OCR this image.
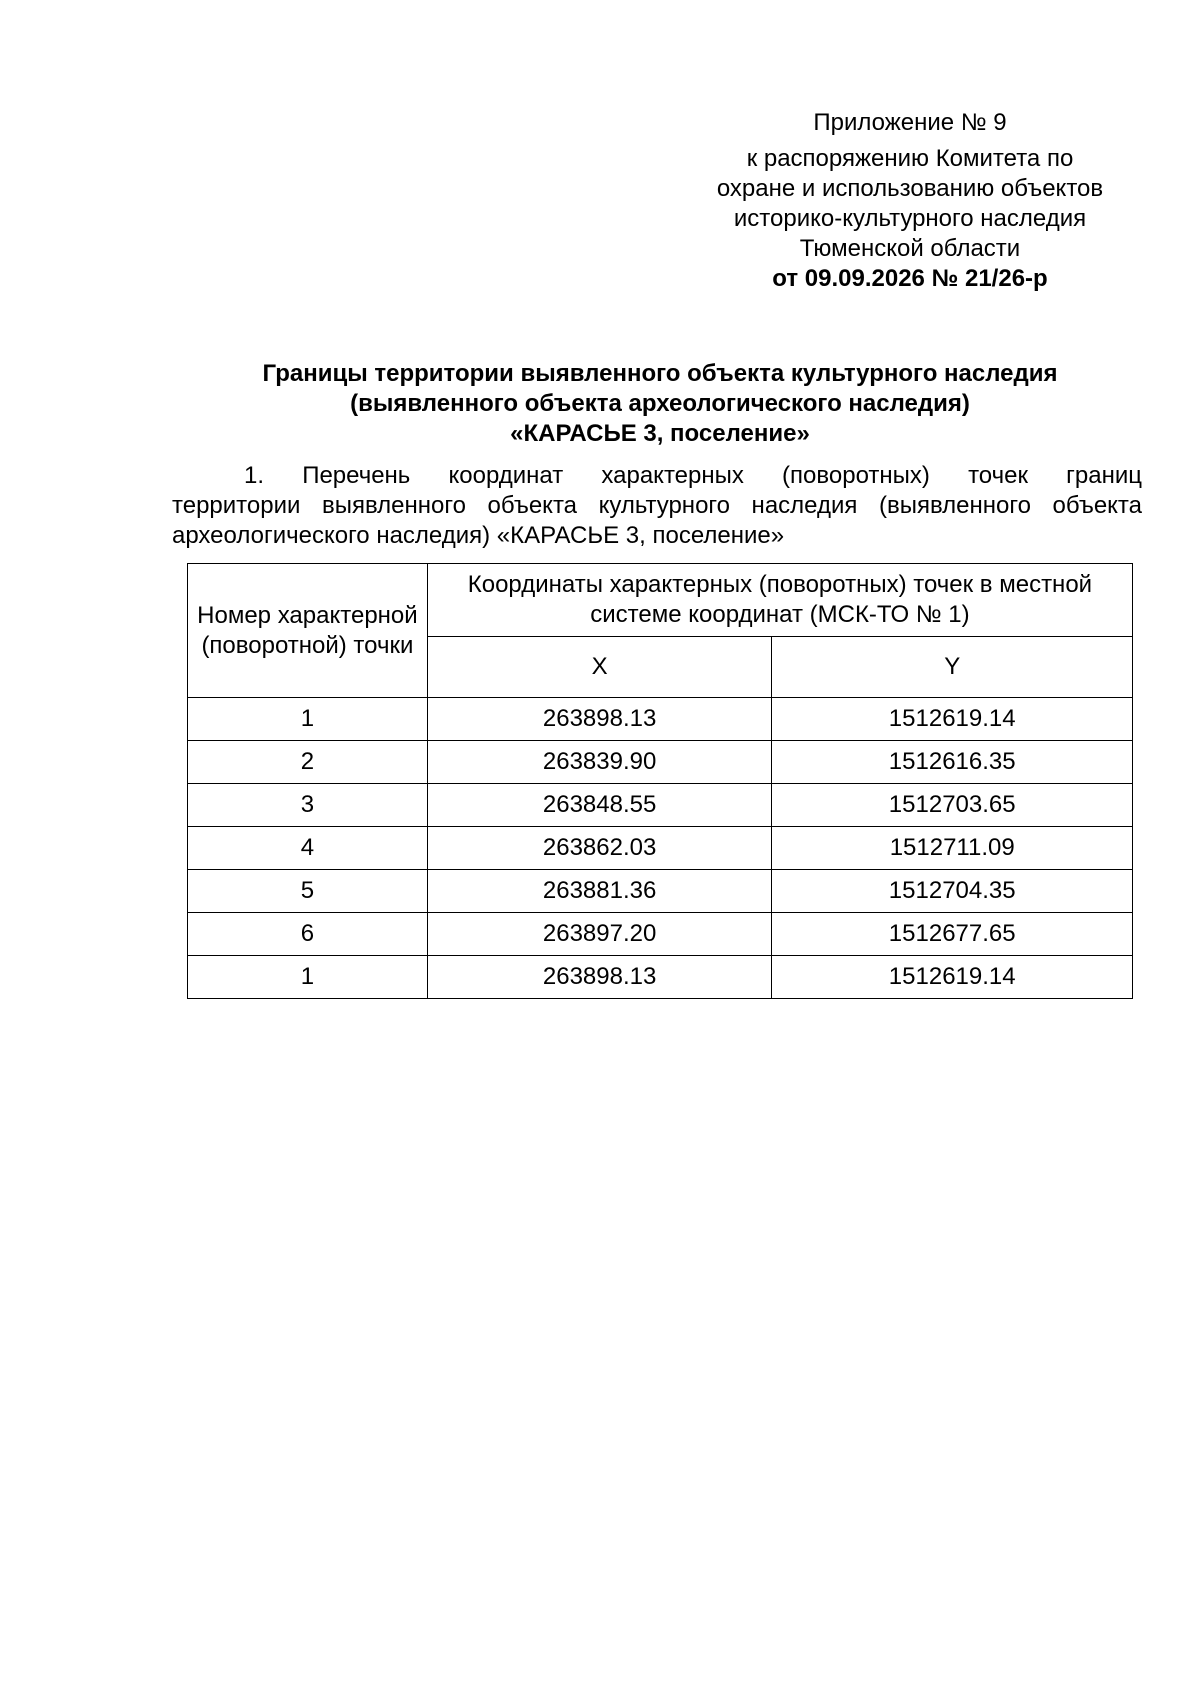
Приложение № 9
к распоряжению Комитета по
охране и использованию объектов
историко-культурного наследия
Тюменской области
от 09.09.2026 № 21/26-р
Границы территории выявленного объекта культурного наследия
(выявленного объекта археологического наследия)
«КАРАСЬЕ 3, поселение»
1. Перечень координат характерных (поворотных) точек границ
территории выявленного объекта культурного наследия (выявленного объекта археологического наследия) «КАРАСЬЕ 3, поселение»
Номер характерной (поворотной) точки	Координаты характерных (поворотных) точек в местной системе координат (МСК-ТО № 1)	
	X	Y
1	263898.13	1512619.14
2	263839.90	1512616.35
3	263848.55	1512703.65
4	263862.03	1512711.09
5	263881.36	1512704.35
6	263897.20	1512677.65
1	263898.13	1512619.14
